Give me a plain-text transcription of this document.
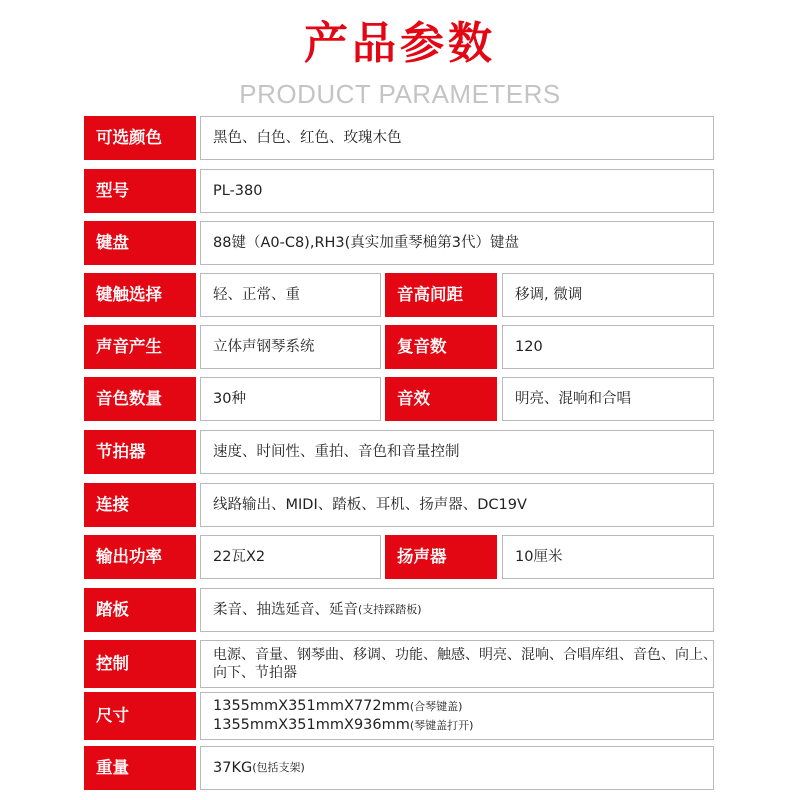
产品参数
PRODUCT PARAMETERS
可选颜色	黑色、白色、红色、玫瑰木色
型号	PL-380
键盘	88键（A0-C8),RH3(真实加重琴槌第3代）键盘
键触选择	轻、正常、重	音高间距	移调, 微调
声音产生	立体声钢琴系统	复音数	120
音色数量	30种	音效	明亮、混响和合唱
节拍器	速度、时间性、重拍、音色和音量控制
连接	线路输出、MIDI、踏板、耳机、扬声器、DC19V
输出功率	22瓦X2	扬声器	10厘米
踏板	柔音、抽选延音、延音 (支持踩踏板)
控制	电源、音量、钢琴曲、移调、功能、触感、明亮、混响、合唱库组、音色、向上、
向下、节拍器
尺寸	1355mmX351mmX772mm(合琴键盖)
1355mmX351mmX936mm(琴键盖打开)
重量	37KG (包括支架)
